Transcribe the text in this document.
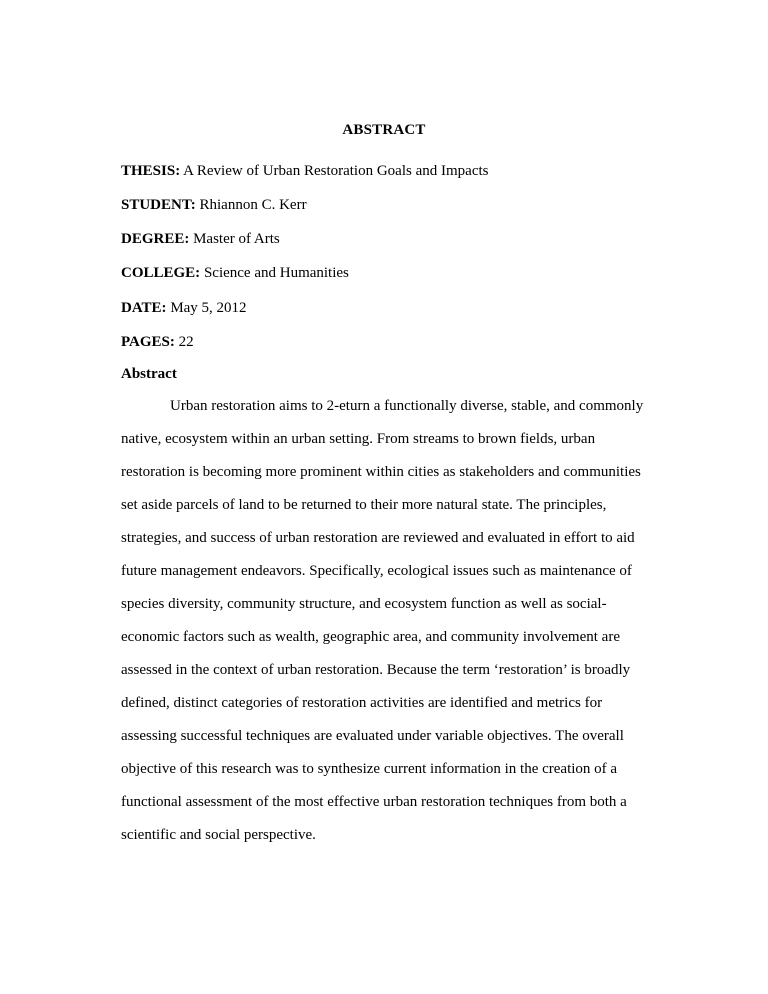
ABSTRACT
THESIS: A Review of Urban Restoration Goals and Impacts
STUDENT: Rhiannon C. Kerr
DEGREE: Master of Arts
COLLEGE: Science and Humanities
DATE: May 5, 2012
PAGES: 22
Abstract

Urban restoration aims to 2-eturn a functionally diverse, stable, and commonly native, ecosystem within an urban setting. From streams to brown fields, urban restoration is becoming more prominent within cities as stakeholders and communities set aside parcels of land to be returned to their more natural state. The principles, strategies, and success of urban restoration are reviewed and evaluated in effort to aid future management endeavors. Specifically, ecological issues such as maintenance of species diversity, community structure, and ecosystem function as well as social-economic factors such as wealth, geographic area, and community involvement are assessed in the context of urban restoration. Because the term ‘restoration’ is broadly defined, distinct categories of restoration activities are identified and metrics for assessing successful techniques are evaluated under variable objectives. The overall objective of this research was to synthesize current information in the creation of a functional assessment of the most effective urban restoration techniques from both a scientific and social perspective.
